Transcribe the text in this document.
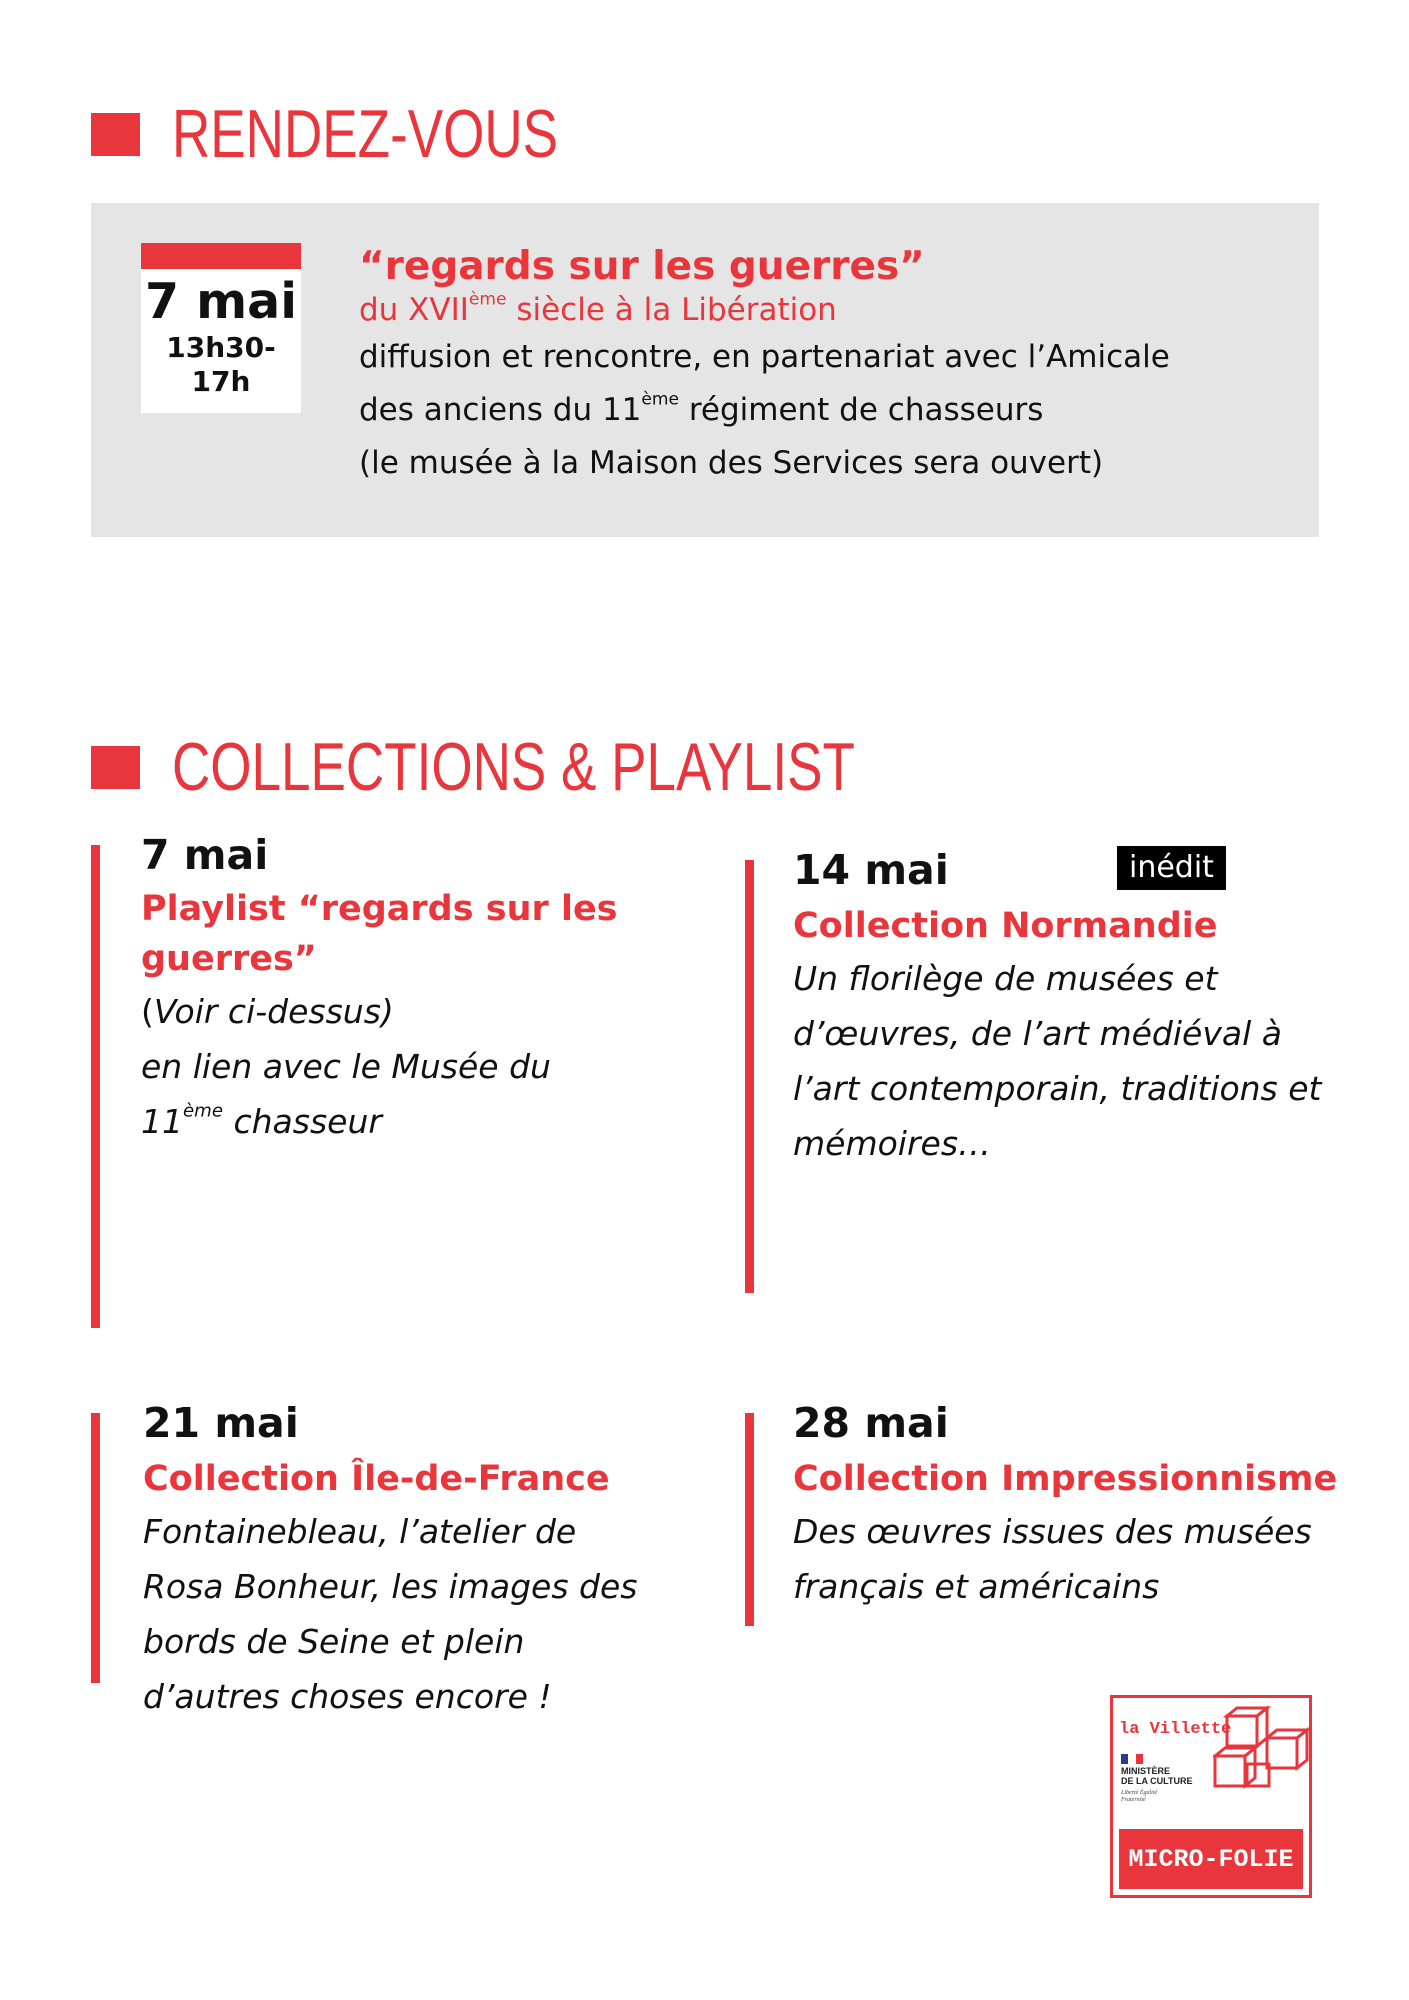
RENDEZ-VOUS
7 mai
13h30-
17h
“regards sur les guerres”
du XVIIème siècle à la Libération
diffusion et rencontre, en partenariat avec l’Amicale
des anciens du 11ème régiment de chasseurs
(le musée à la Maison des Services sera ouvert)
COLLECTIONS & PLAYLIST
7 mai
Playlist “regards sur les guerres”
(Voir ci-dessus)
en lien avec le Musée du
11ème chasseur
inédit
14 mai
Collection Normandie
Un florilège de musées et d’œuvres, de l’art médiéval à l’art contemporain, traditions et mémoires…
21 mai
Collection Île-de-France
Fontainebleau, l’atelier de Rosa Bonheur, les images des bords de Seine et plein d’autres choses encore !
28 mai
Collection Impressionnisme
Des œuvres issues des musées français et américains
la Villette
MINISTÈRE
DE LA CULTURE
Liberté Égalité Fraternité
MICRO-FOLIE
